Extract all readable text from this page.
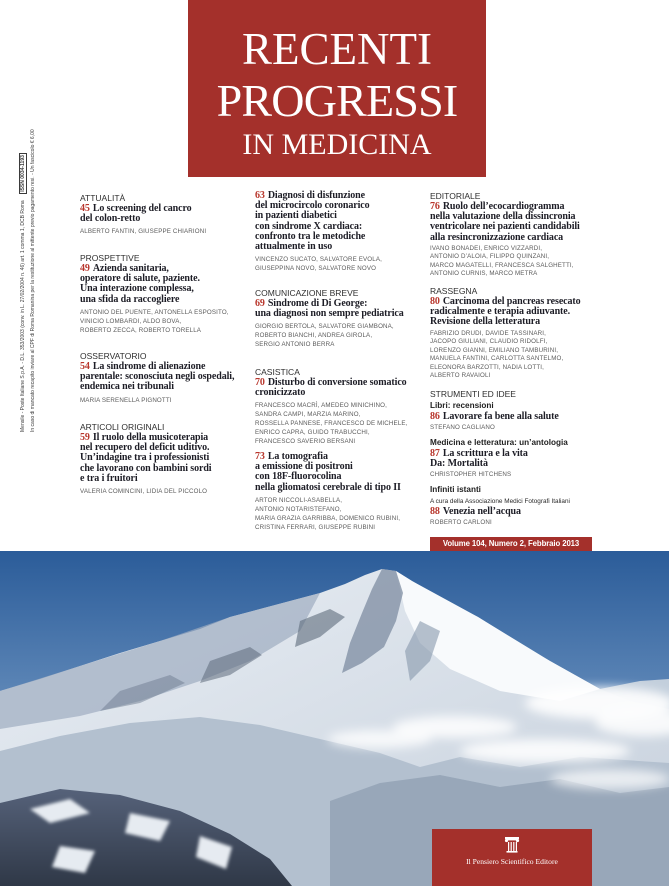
RECENTI
PROGRESSI
IN MEDICINA
Mensile - Poste Italiane S.p.A. - D.L. 353/2003 (conv. in L. 27/02/2004 n. 46) art. 1 comma 1, DCB RomaISSN 0034-1193 In caso di mancato recapito inviare al CPF di Roma Romanina per la restituzione al mittente previo pagamento resi. - Un fascicolo € 6,00	ATTUALITÀ
45 Lo screening del cancro
del colon-retto
ALBERTO FANTIN, GIUSEPPE CHIARIONI
PROSPETTIVE
49 Azienda sanitaria,
operatore di salute, paziente.
Una interazione complessa,
una sfida da raccogliere
ANTONIO DEL PUENTE, ANTONELLA ESPOSITO,
VINICIO LOMBARDI, ALDO BOVA,
ROBERTO ZECCA, ROBERTO TORELLA
OSSERVATORIO
54 La sindrome di alienazione
parentale: sconosciuta negli ospedali,
endemica nei tribunali
MARIA SERENELLA PIGNOTTI
ARTICOLI ORIGINALI
59 Il ruolo della musicoterapia
nel recupero del deficit uditivo.
Un’indagine tra i professionisti
che lavorano con bambini sordi
e tra i fruitori
VALERIA COMINCINI, LIDIA DEL PICCOLO
63 Diagnosi di disfunzione
del microcircolo coronarico
in pazienti diabetici
con sindrome X cardiaca:
confronto tra le metodiche
attualmente in uso
VINCENZO SUCATO, SALVATORE EVOLA,
GIUSEPPINA NOVO, SALVATORE NOVO
COMUNICAZIONE BREVE
69 Sindrome di Di George:
una diagnosi non sempre pediatrica
GIORGIO BERTOLA, SALVATORE GIAMBONA,
ROBERTO BIANCHI, ANDREA GIROLA,
SERGIO ANTONIO BERRA
CASISTICA
70 Disturbo di conversione somatico
cronicizzato
FRANCESCO MACRÌ, AMEDEO MINICHINO,
SANDRA CAMPI, MARZIA MARINO,
ROSSELLA PANNESE, FRANCESCO DE MICHELE,
ENRICO CAPRA, GUIDO TRABUCCHI,
FRANCESCO SAVERIO BERSANI
73 La tomografia
a emissione di positroni
con 18F-fluorocolina
nella gliomatosi cerebrale di tipo II
ARTOR NICCOLI-ASABELLA,
ANTONIO NOTARISTEFANO,
MARIA GRAZIA GARRIBBA, DOMENICO RUBINI,
CRISTINA FERRARI, GIUSEPPE RUBINI
EDITORIALE
76 Ruolo dell’ecocardiogramma
nella valutazione della dissincronia
ventricolare nei pazienti candidabili
alla resincronizzazione cardiaca
IVANO BONADEI, ENRICO VIZZARDI,
ANTONIO D’ALOIA, FILIPPO QUINZANI,
MARCO MAGATELLI, FRANCESCA SALGHETTI,
ANTONIO CURNIS, MARCO METRA
RASSEGNA
80 Carcinoma del pancreas resecato
radicalmente e terapia adiuvante.
Revisione della letteratura
FABRIZIO DRUDI, DAVIDE TASSINARI,
JACOPO GIULIANI, CLAUDIO RIDOLFI,
LORENZO GIANNI, EMILIANO TAMBURINI,
MANUELA FANTINI, CARLOTTA SANTELMO,
ELEONORA BARZOTTI, NADIA LOTTI,
ALBERTO RAVAIOLI
STRUMENTI ED IDEE
Libri: recensioni
86 Lavorare fa bene alla salute
STEFANO CAGLIANO
Medicina e letteratura: un’antologia
87 La scrittura e la vita
Da: Mortalità
CHRISTOPHER HITCHENS
Infiniti istanti
A cura della Associazione Medici Fotografi Italiani
88 Venezia nell’acqua
ROBERTO CARLONI
Volume 104, Numero 2, Febbraio 2013
Il Pensiero Scientifico Editore
